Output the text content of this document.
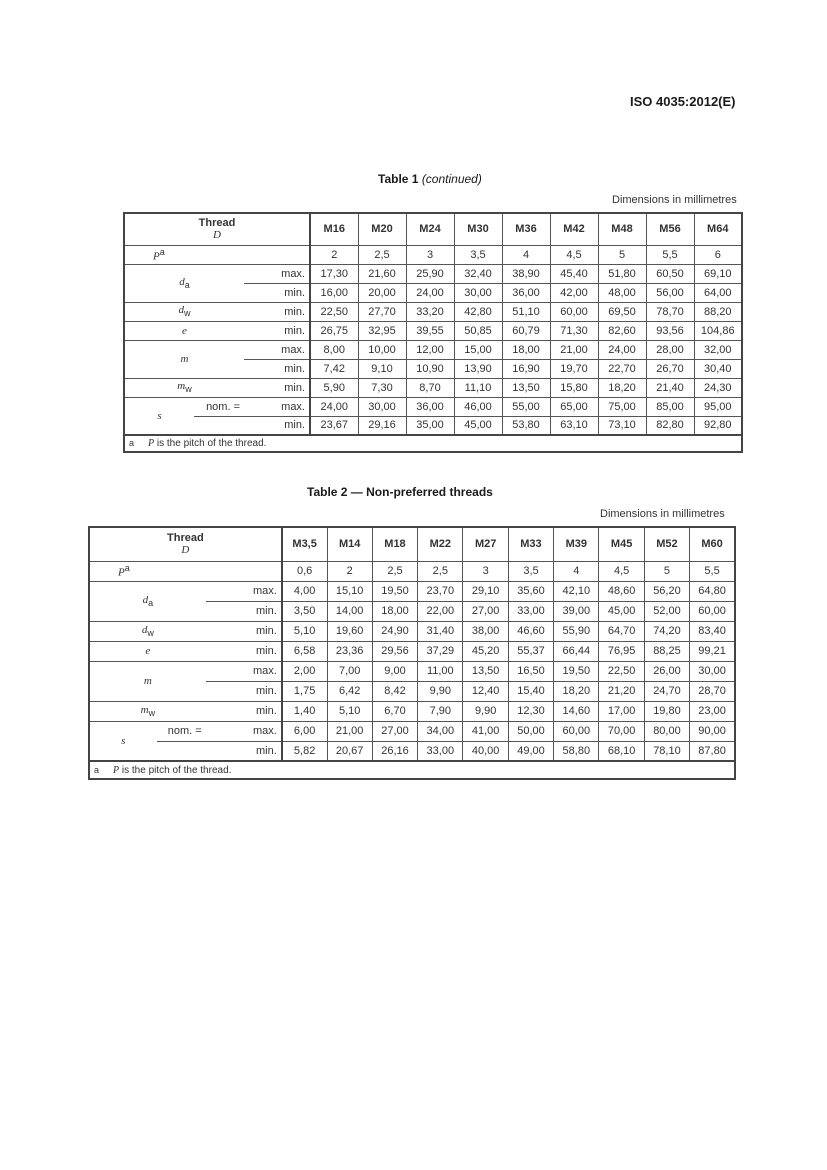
ISO 4035:2012(E)
Table 1 (continued)
Dimensions in millimetres
Thread
D			M16	M20	M24	M30	M36	M42	M48	M56	M64
$P^a$			2	2,5	3	3,5	4	4,5	5	5,5	6
$d_a$		max.	17,30	21,60	25,90	32,40	38,90	45,40	51,80	60,50	69,10
		min.	16,00	20,00	24,00	30,00	36,00	42,00	48,00	56,00	64,00
$d_w$		min.	22,50	27,70	33,20	42,80	51,10	60,00	69,50	78,70	88,20
e		min.	26,75	32,95	39,55	50,85	60,79	71,30	82,60	93,56	104,86
m		max.	8,00	10,00	12,00	15,00	18,00	21,00	24,00	28,00	32,00
		min.	7,42	9,10	10,90	13,90	16,90	19,70	22,70	26,70	30,40
$m_w$		min.	5,90	7,30	8,70	11,10	13,50	15,80	18,20	21,40	24,30
s	nom. =	max.	24,00	30,00	36,00	46,00	55,00	65,00	75,00	85,00	95,00
		min.	23,67	29,16	35,00	45,00	53,80	63,10	73,10	82,80	92,80
a P is the pitch of the thread.											
Table 2 — Non-preferred threads
Dimensions in millimetres
Thread
D			M3,5	M14	M18	M22	M27	M33	M39	M45	M52	M60
$P^a$			0,6	2	2,5	2,5	3	3,5	4	4,5	5	5,5
$d_a$		max.	4,00	15,10	19,50	23,70	29,10	35,60	42,10	48,60	56,20	64,80
		min.	3,50	14,00	18,00	22,00	27,00	33,00	39,00	45,00	52,00	60,00
$d_w$		min.	5,10	19,60	24,90	31,40	38,00	46,60	55,90	64,70	74,20	83,40
e		min.	6,58	23,36	29,56	37,29	45,20	55,37	66,44	76,95	88,25	99,21
m		max.	2,00	7,00	9,00	11,00	13,50	16,50	19,50	22,50	26,00	30,00
		min.	1,75	6,42	8,42	9,90	12,40	15,40	18,20	21,20	24,70	28,70
$m_w$		min.	1,40	5,10	6,70	7,90	9,90	12,30	14,60	17,00	19,80	23,00
s	nom. =	max.	6,00	21,00	27,00	34,00	41,00	50,00	60,00	70,00	80,00	90,00
		min.	5,82	20,67	26,16	33,00	40,00	49,00	58,80	68,10	78,10	87,80
a P is the pitch of the thread.												
